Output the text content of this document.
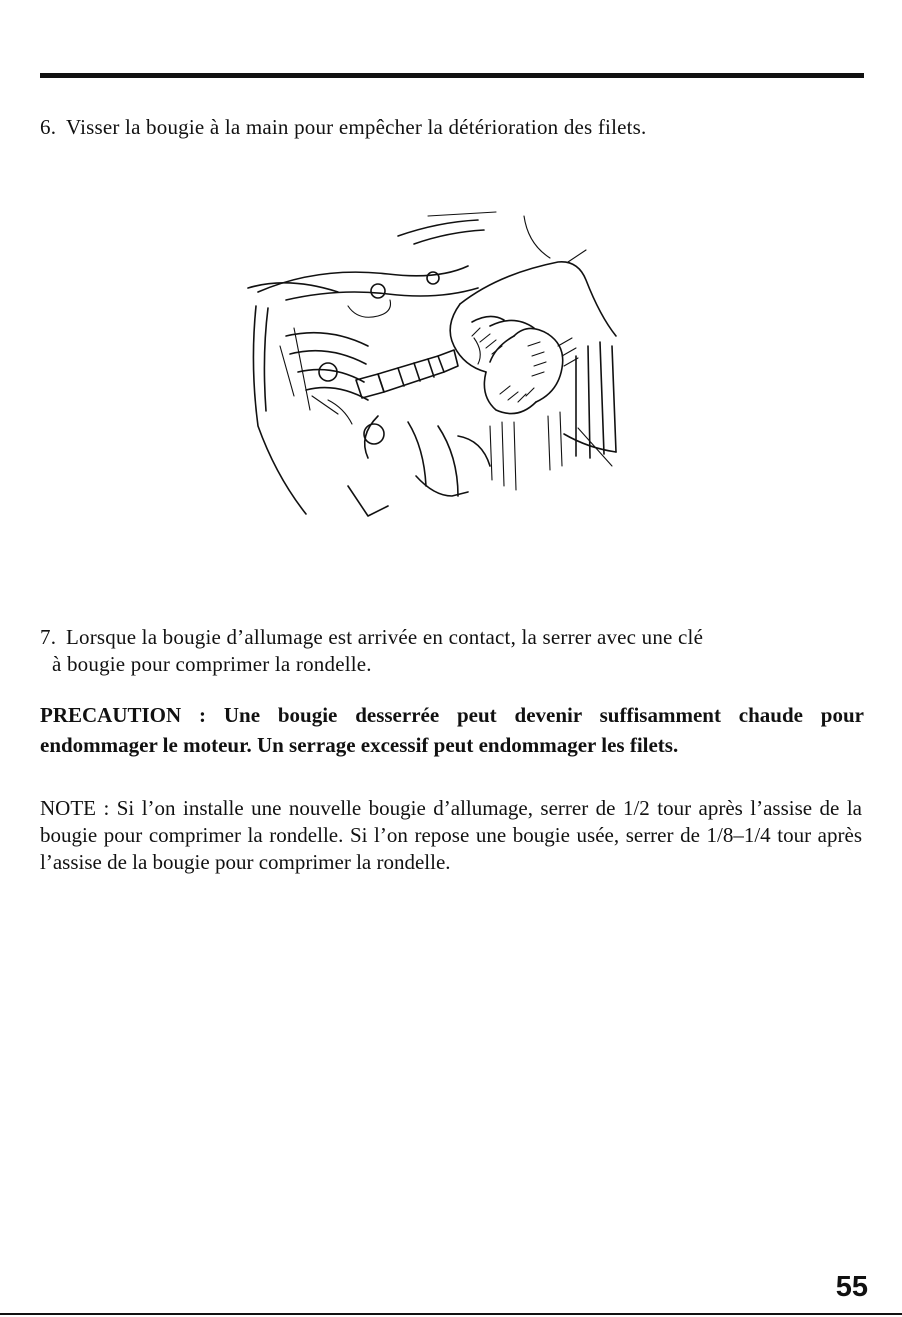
6. Visser la bougie à la main pour empêcher la détérioration des filets.
7. Lorsque la bougie d’allumage est arrivée en contact, la serrer avec une clé
à bougie pour comprimer la rondelle.
PRECAUTION : Une bougie desserrée peut devenir suffisamment chaude pour endommager le moteur. Un serrage excessif peut endommager les filets.
NOTE : Si l’on installe une nouvelle bougie d’allumage, serrer de 1/2 tour après l’assise de la bougie pour comprimer la rondelle. Si l’on repose une bougie usée, serrer de 1/8–1/4 tour après l’assise de la bougie pour comprimer la rondelle.
55
